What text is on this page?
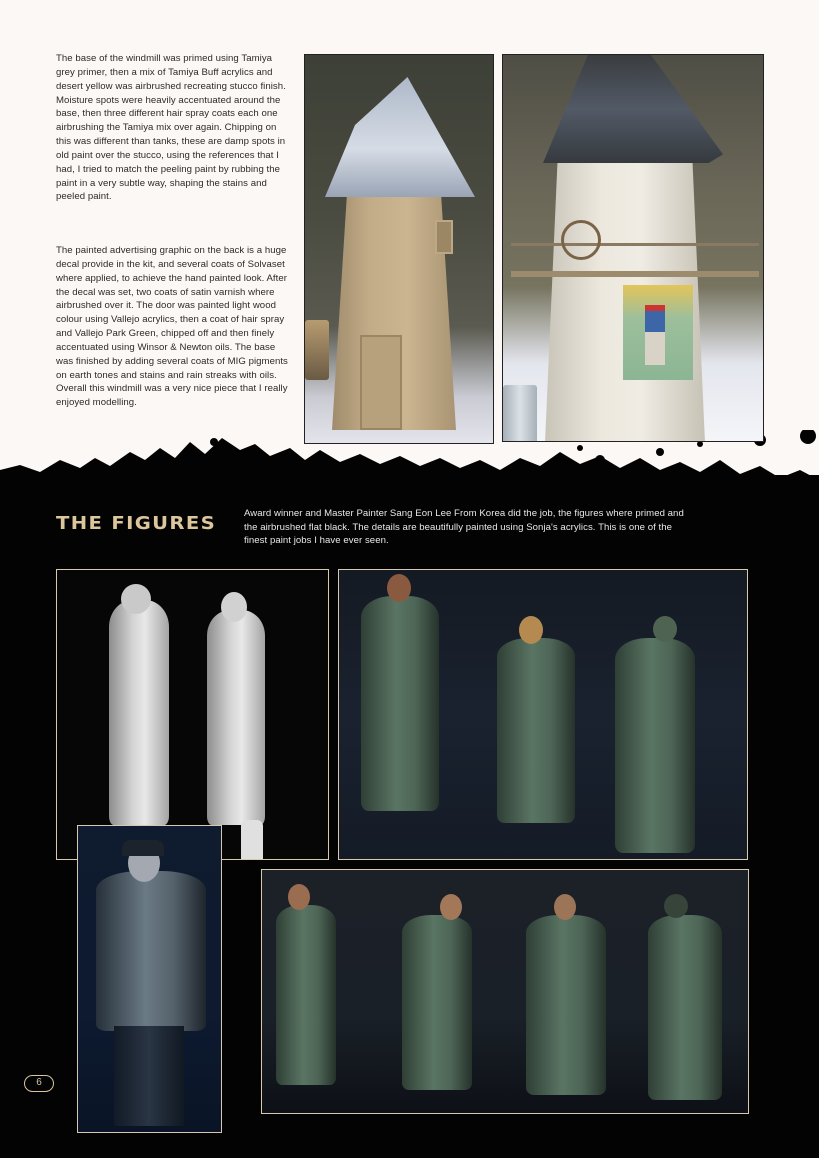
The base of the windmill was primed using Tamiya grey primer, then a mix of Tamiya Buff acrylics and desert yellow was airbrushed recreating stucco finish. Moisture spots were heavily accentuated around the base, then three different hair spray coats each one airbrushing the Tamiya mix over again. Chipping on this was different than tanks, these are damp spots in old paint over the stucco, using the references that I had, I tried to match the peeling paint by rubbing the paint in a very subtle way, shaping the stains and peeled paint.

The painted advertising graphic on the back is a huge decal provide in the kit, and several coats of Solvaset where applied, to achieve the hand painted look. After the decal was set, two coats of satin varnish where airbrushed over it. The door was painted light wood colour using Vallejo acrylics, then a coat of hair spray and Vallejo Park Green, chipped off and then finely accentuated using Winsor & Newton oils. The base was finished by adding several coats of MIG pigments on earth tones and stains and rain streaks with oils. Overall this windmill was a very nice piece that I really enjoyed modelling.

THE FIGURES

Award winner and Master Painter Sang Eon Lee From Korea did the job, the figures where primed and the airbrushed flat black. The details are beautifully painted using Sonja's acrylics. This is one of the finest paint jobs I have ever seen.

6
